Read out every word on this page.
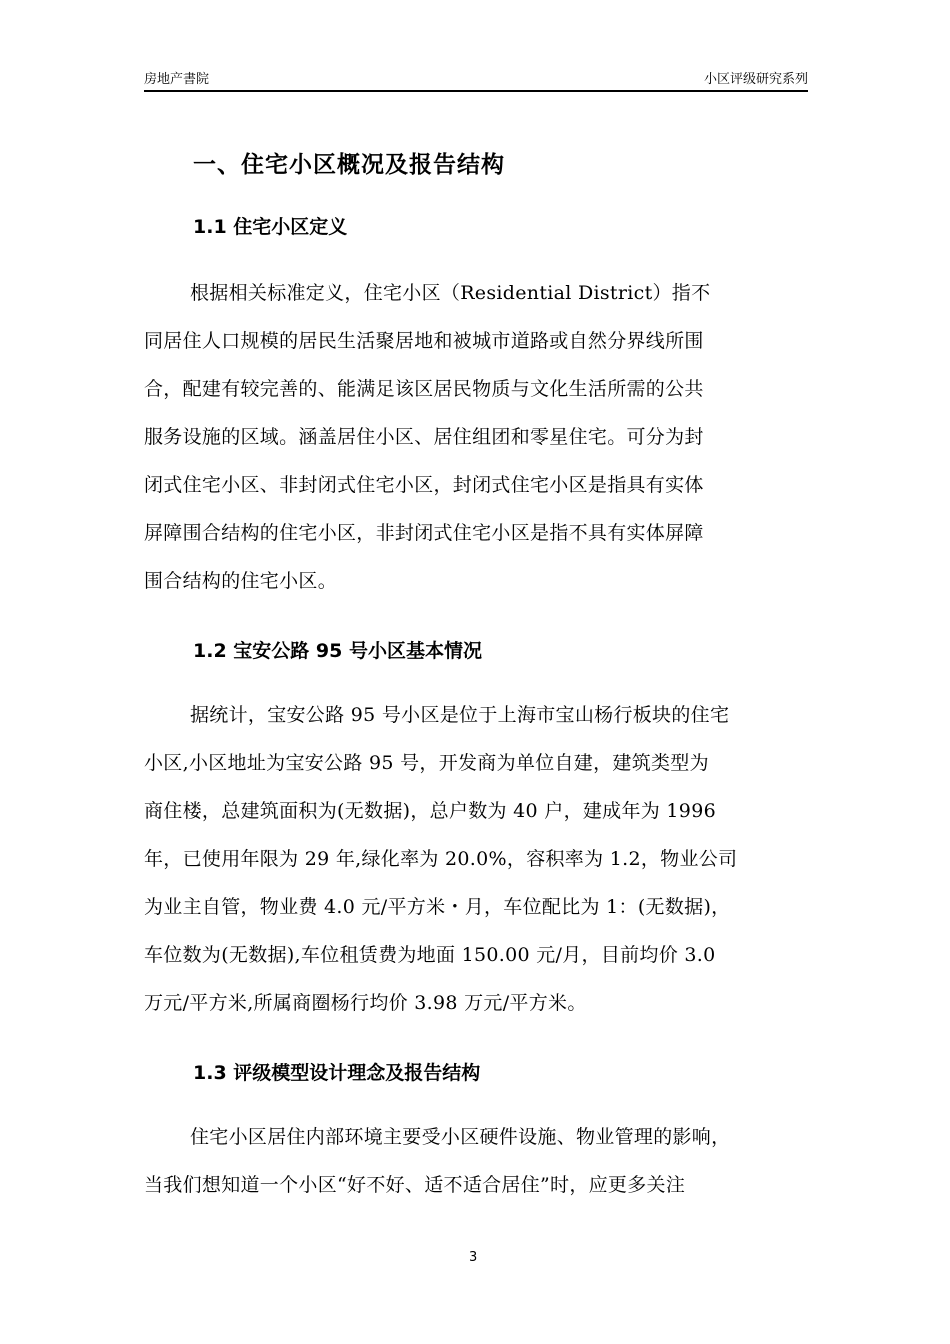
房地产書院	小区评级研究系列
一、住宅小区概况及报告结构
1.1 住宅小区定义
根据相关标准定义，住宅小区（Residential District）指不
同居住人口规模的居民生活聚居地和被城市道路或自然分界线所围
合，配建有较完善的、能满足该区居民物质与文化生活所需的公共
服务设施的区域。涵盖居住小区、居住组团和零星住宅。可分为封
闭式住宅小区、非封闭式住宅小区，封闭式住宅小区是指具有实体
屏障围合结构的住宅小区，非封闭式住宅小区是指不具有实体屏障
围合结构的住宅小区。
1.2 宝安公路 95 号小区基本情况
据统计，宝安公路 95 号小区是位于上海市宝山杨行板块的住宅
小区,小区地址为宝安公路 95 号，开发商为单位自建，建筑类型为
商住楼，总建筑面积为(无数据)，总户数为 40 户，建成年为 1996
年，已使用年限为 29 年,绿化率为 20.0%，容积率为 1.2，物业公司
为业主自管，物业费 4.0 元/平方米・月，车位配比为 1：(无数据)，
车位数为(无数据),车位租赁费为地面 150.00 元/月，目前均价 3.0
万元/平方米,所属商圈杨行均价 3.98 万元/平方米。
1.3 评级模型设计理念及报告结构
住宅小区居住内部环境主要受小区硬件设施、物业管理的影响，
当我们想知道一个小区“好不好、适不适合居住”时，应更多关注
3
